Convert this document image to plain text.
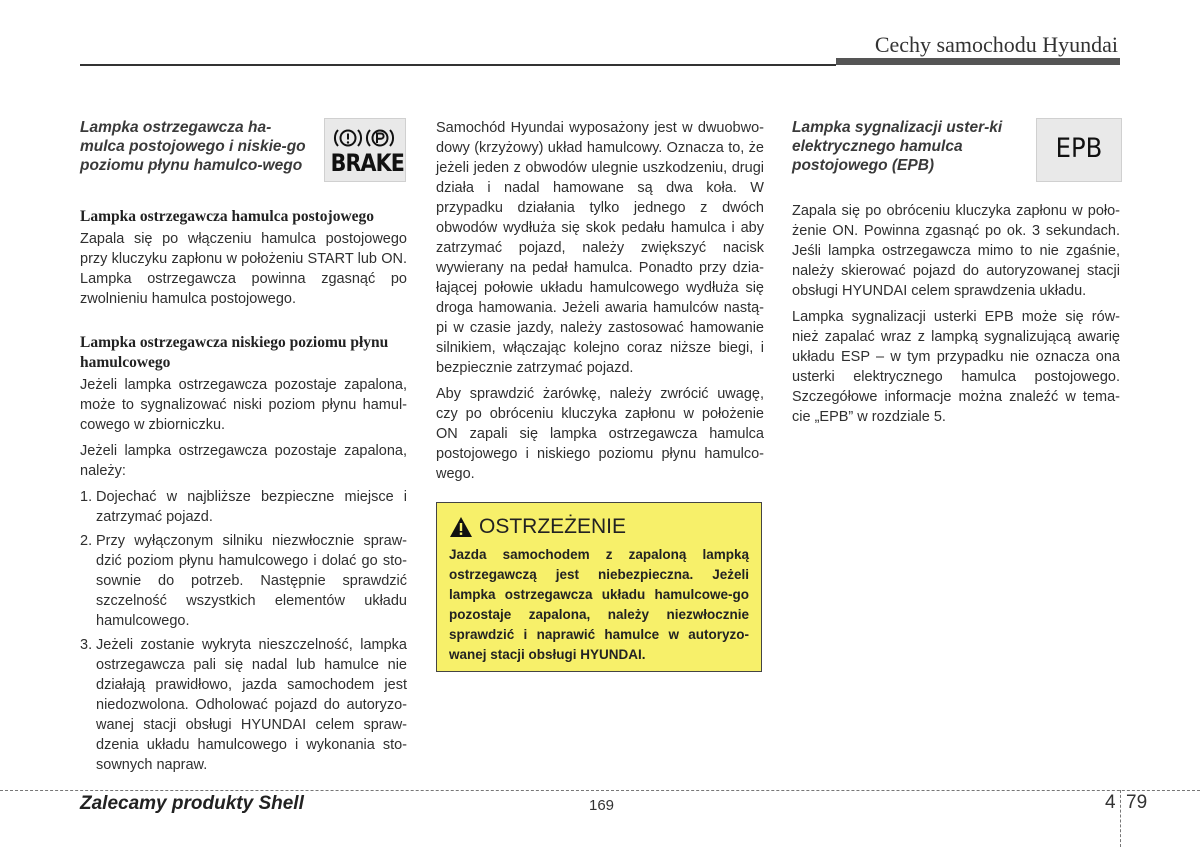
Cechy samochodu Hyundai
BRAKE	EPB
Lampka ostrzegawcza ha-mulca postojowego i niskie-go poziomu płynu hamulco-wego
Lampka ostrzegawcza hamulca postojowego

Zapala się po włączeniu hamulca postojowego przy kluczyku zapłonu w położeniu START lub ON. Lampka ostrzegawcza powinna zgasnąć po zwolnieniu hamulca postojowego.

Lampka ostrzegawcza niskiego poziomu płynu hamulcowego

Jeżeli lampka ostrzegawcza pozostaje zapalona, może to sygnalizować niski poziom płynu hamul-cowego w zbiorniczku.

Jeżeli lampka ostrzegawcza pozostaje zapalona, należy:

1. Dojechać w najbliższe bezpieczne miejsce i zatrzymać pojazd.
2. Przy wyłączonym silniku niezwłocznie spraw-dzić poziom płynu hamulcowego i dolać go sto-sownie do potrzeb. Następnie sprawdzić szczelność wszystkich elementów układu hamulcowego.
3. Jeżeli zostanie wykryta nieszczelność, lampka ostrzegawcza pali się nadal lub hamulce nie działają prawidłowo, jazda samochodem jest niedozwolona. Odholować pojazd do autoryzo-wanej stacji obsługi HYUNDAI celem spraw-dzenia układu hamulcowego i wykonania sto-sownych napraw.

Samochód Hyundai wyposażony jest w dwuobwo-dowy (krzyżowy) układ hamulcowy. Oznacza to, że jeżeli jeden z obwodów ulegnie uszkodzeniu, drugi działa i nadal hamowane są dwa koła. W przypadku działania tylko jednego z dwóch obwodów wydłuża się skok pedału hamulca i aby zatrzymać pojazd, należy zwiększyć nacisk wywierany na pedał hamulca. Ponadto przy dzia-łającej połowie układu hamulcowego wydłuża się droga hamowania. Jeżeli awaria hamulców nastą-pi w czasie jazdy, należy zastosować hamowanie silnikiem, włączając kolejno coraz niższe biegi, i bezpiecznie zatrzymać pojazd.

Aby sprawdzić żarówkę, należy zwrócić uwagę, czy po obróceniu kluczyka zapłonu w położenie ON zapali się lampka ostrzegawcza hamulca postojowego i niskiego poziomu płynu hamulco-wego.

OSTRZEŻENIE
Jazda samochodem z zapaloną lampką ostrzegawczą jest niebezpieczna. Jeżeli lampka ostrzegawcza układu hamulcowe-go pozostaje zapalona, należy niezwłocznie sprawdzić i naprawić hamulce w autoryzo-wanej stacji obsługi HYUNDAI.
Lampka sygnalizacji uster-ki elektrycznego hamulca postojowego (EPB)

Zapala się po obróceniu kluczyka zapłonu w poło-żenie ON. Powinna zgasnąć po ok. 3 sekundach. Jeśli lampka ostrzegawcza mimo to nie zgaśnie, należy skierować pojazd do autoryzowanej stacji obsługi HYUNDAI celem sprawdzenia układu.

Lampka sygnalizacji usterki EPB może się rów-nież zapalać wraz z lampką sygnalizującą awarię układu ESP – w tym przypadku nie oznacza ona usterki elektrycznego hamulca postojowego. Szczegółowe informacje można znaleźć w tema-cie „EPB” w rozdziale 5.

Zalecamy produkty Shell	169	4 79
